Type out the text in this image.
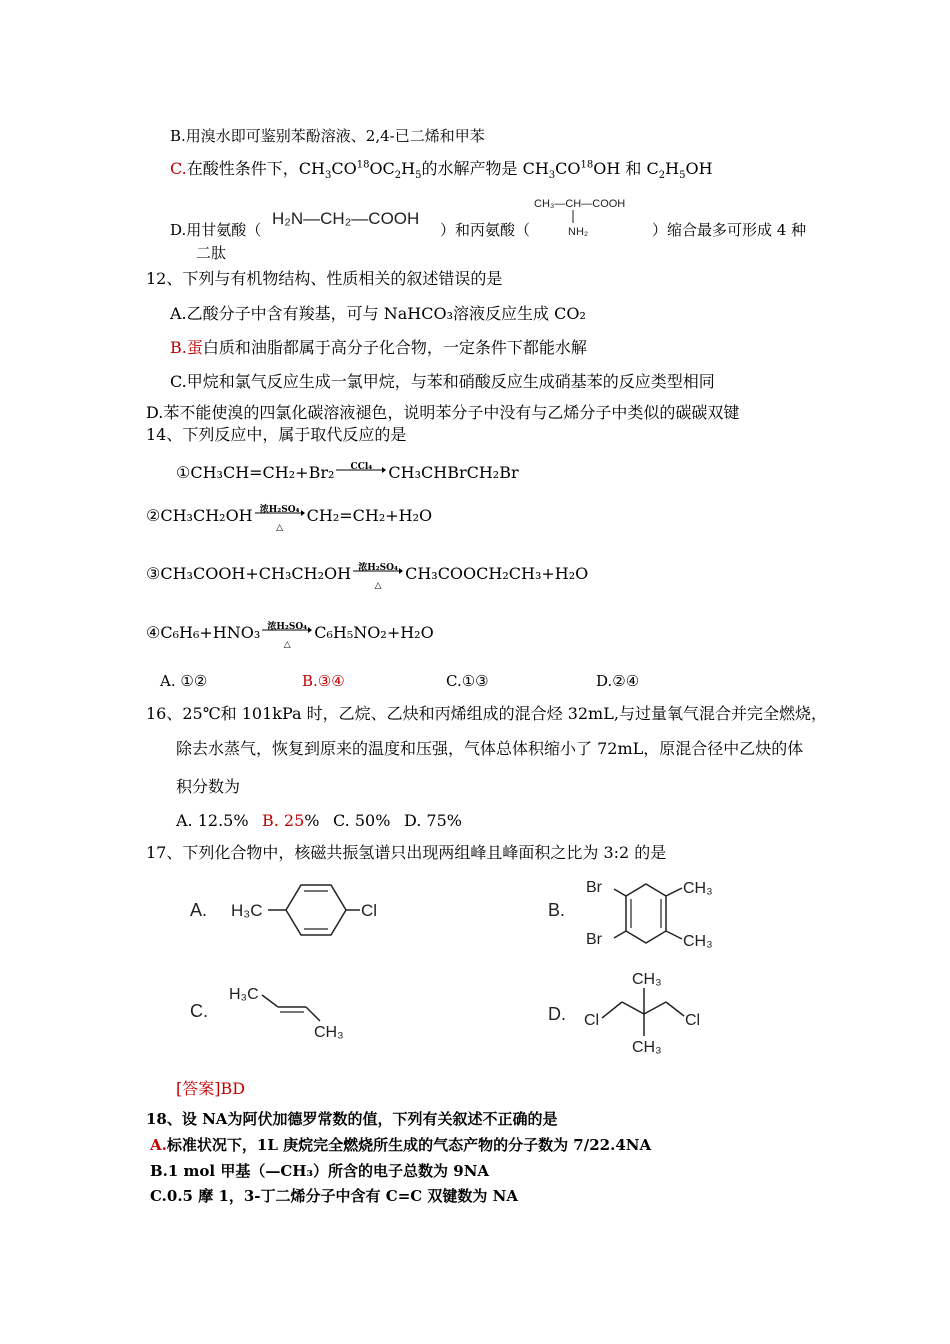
B.用溴水即可鉴别苯酚溶液、2,4-已二烯和甲苯
C.在酸性条件下，$CH_3CO^{18}OC_2H_5$的水解产物是 $CH_3CO^{18}OH$ 和 $C_2H_5OH$
D.用甘氨酸（
H₂N—CH₂—COOH
）和丙氨酸（
CH₃—CH—COOH
NH₂	）缩合最多可形成 4 种
二肽
12、下列与有机物结构、性质相关的叙述错误的是
A.乙酸分子中含有羧基，可与 NaHCO₃溶液反应生成 CO₂
B.蛋白质和油脂都属于高分子化合物，一定条件下都能水解
C.甲烷和氯气反应生成一氯甲烷，与苯和硝酸反应生成硝基苯的反应类型相同
D.苯不能使溴的四氯化碳溶液褪色，说明苯分子中没有与乙烯分子中类似的碳碳双键
14、下列反应中，属于取代反应的是
①CH₃CH=CH₂+Br₂	CCl₄	CH₃CHBrCH₂Br
②CH₃CH₂OH 浓H₂SO₄
△
CH₂=CH₂+H₂O
③CH₃COOH+CH₃CH₂OH 浓H₂SO₄
△
CH₃COOCH₂CH₃+H₂O
④C₆H₆+HNO₃ 浓H₂SO₄
△
C₆H₅NO₂+H₂O
A. ①②	B.③④	C.①③	D.②④
16、25℃和 101kPa 时，乙烷、乙炔和丙烯组成的混合烃 32mL,与过量氧气混合并完全燃烧，
除去水蒸气，恢复到原来的温度和压强，气体总体积缩小了 72mL，原混合径中乙炔的体
积分数为
A. 12.5% B. 25% C. 50% D. 75%
17、下列化合物中，核磁共振氢谱只出现两组峰且峰面积之比为 3:2 的是
A. H₃C	Cl	B.
Br
Br
CH₃
CH₃
C.
H₃C
CH₃
D. Cl	Cl
CH₃
CH₃
[答案]BD
18、设 NA为阿伏加德罗常数的值，下列有关叙述不正确的是
A.标准状况下，1L 庚烷完全燃烧所生成的气态产物的分子数为 7/22.4NA
B.1 mol 甲基（—CH₃）所含的电子总数为 9NA
C.0.5 摩 1，3-丁二烯分子中含有 C=C 双键数为 NA
